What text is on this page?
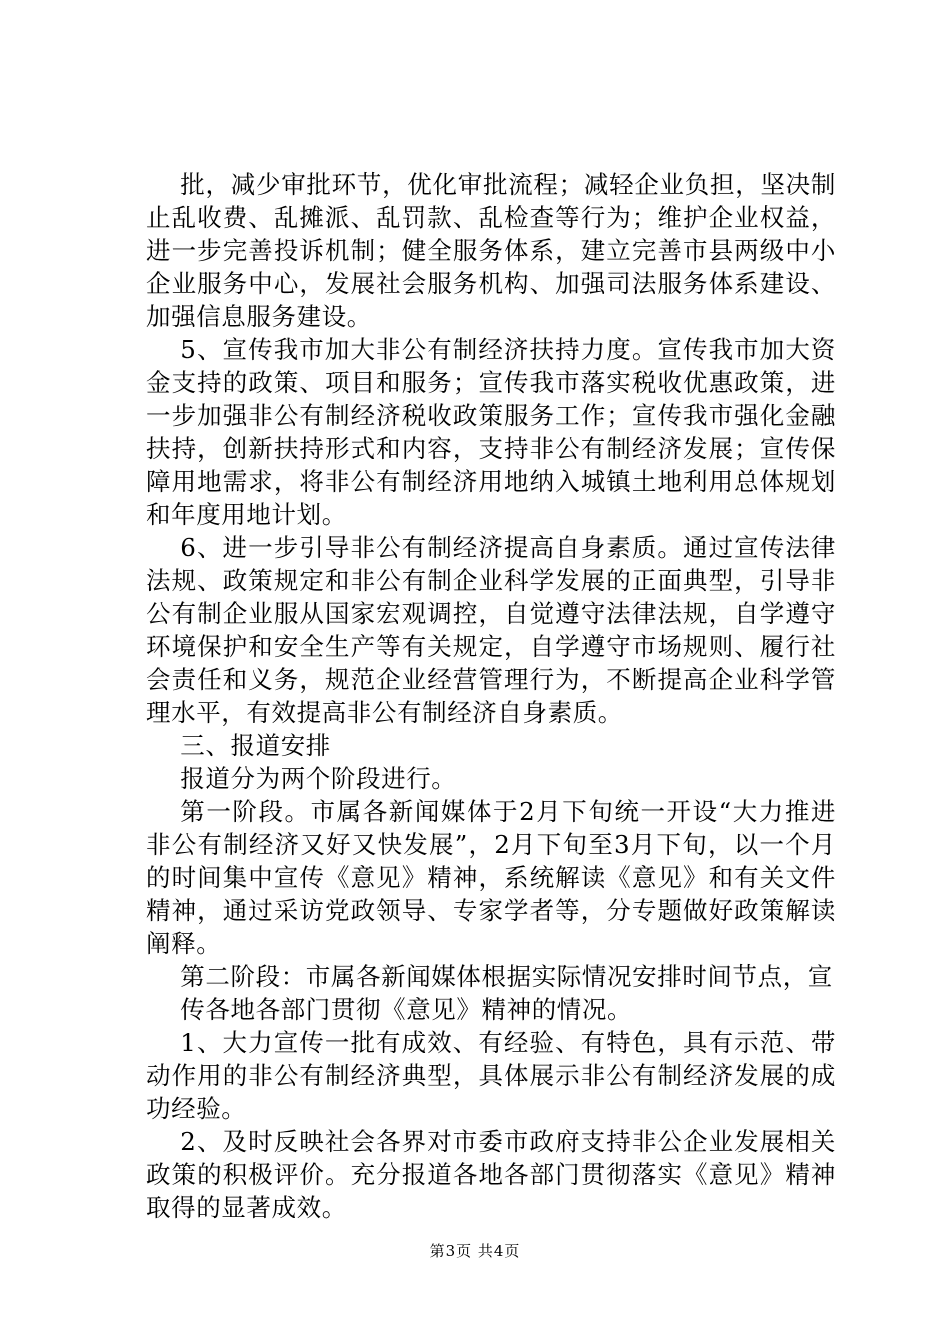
批，减少审批环节，优化审批流程；减轻企业负担，坚决制止乱收费、乱摊派、乱罚款、乱检查等行为；维护企业权益，进一步完善投诉机制；健全服务体系，建立完善市县两级中小企业服务中心，发展社会服务机构、加强司法服务体系建设、加强信息服务建设。

5、宣传我市加大非公有制经济扶持力度。宣传我市加大资金支持的政策、项目和服务；宣传我市落实税收优惠政策，进一步加强非公有制经济税收政策服务工作；宣传我市强化金融扶持，创新扶持形式和内容，支持非公有制经济发展；宣传保障用地需求，将非公有制经济用地纳入城镇土地利用总体规划和年度用地计划。

6、进一步引导非公有制经济提高自身素质。通过宣传法律法规、政策规定和非公有制企业科学发展的正面典型，引导非公有制企业服从国家宏观调控，自觉遵守法律法规，自学遵守环境保护和安全生产等有关规定，自学遵守市场规则、履行社会责任和义务，规范企业经营管理行为，不断提高企业科学管理水平，有效提高非公有制经济自身素质。

三、报道安排

报道分为两个阶段进行。

第一阶段。市属各新闻媒体于2月下旬统一开设“大力推进非公有制经济又好又快发展”，2月下旬至3月下旬，以一个月的时间集中宣传《意见》精神，系统解读《意见》和有关文件精神，通过采访党政领导、专家学者等，分专题做好政策解读阐释。

第二阶段：市属各新闻媒体根据实际情况安排时间节点，宣

传各地各部门贯彻《意见》精神的情况。

1、大力宣传一批有成效、有经验、有特色，具有示范、带动作用的非公有制经济典型，具体展示非公有制经济发展的成功经验。

2、及时反映社会各界对市委市政府支持非公企业发展相关政策的积极评价。充分报道各地各部门贯彻落实《意见》精神取得的显著成效。

第3页 共4页
